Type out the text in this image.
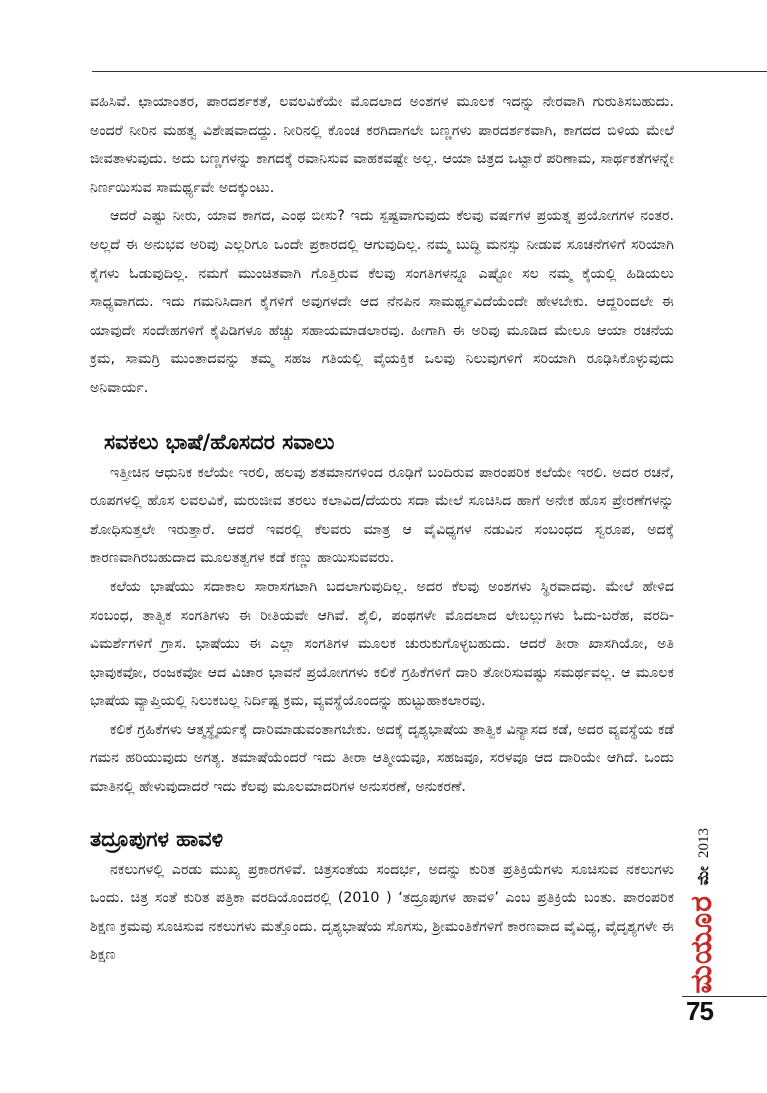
ವಹಿಸಿವೆ. ಛಾಯಾಂತರ, ಪಾರದರ್ಶಕತೆ, ಲವಲವಿಕೆಯೇ ಮೊದಲಾದ ಅಂಶಗಳ ಮೂಲಕ ಇದನ್ನು ನೇರವಾಗಿ ಗುರುತಿಸಬಹುದು. ಅಂದರೆ ನೀರಿನ ಮಹತ್ವ ವಿಶೇಷವಾದದ್ದು. ನೀರಿನಲ್ಲಿ ಕೊಂಚ ಕರಗಿದಾಗಲೇ ಬಣ್ಣಗಳು ಪಾರದರ್ಶಕವಾಗಿ, ಕಾಗದದ ಬಿಳಿಯ ಮೇಲೆ ಜೀವತಾಳುವುದು. ಅದು ಬಣ್ಣಗಳನ್ನು ಕಾಗದಕ್ಕೆ ರವಾನಿಸುವ ವಾಹಕವಷ್ಟೇ ಅಲ್ಲ. ಆಯಾ ಚಿತ್ರದ ಒಟ್ಟಾರೆ ಪರಿಣಾಮ, ಸಾರ್ಥಕತೆಗಳನ್ನೇ ನಿರ್ಣಯಿಸುವ ಸಾಮರ್ಥ್ಯವೇ ಅದಕ್ಕುಂಟು.

ಆದರೆ ಎಷ್ಟು ನೀರು, ಯಾವ ಕಾಗದ, ಎಂಥ ಬೀಸು? ಇದು ಸ್ಪಷ್ಟವಾಗುವುದು ಕೆಲವು ವರ್ಷಗಳ ಪ್ರಯತ್ನ ಪ್ರಯೋಗಗಳ ನಂತರ. ಅಲ್ಲದೆ ಈ ಅನುಭವ ಅರಿವು ಎಲ್ಲರಿಗೂ ಒಂದೇ ಪ್ರಕಾರದಲ್ಲಿ ಆಗುವುದಿಲ್ಲ. ನಮ್ಮ ಬುದ್ಧಿ ಮನಸ್ಸು ನೀಡುವ ಸೂಚನೆಗಳಿಗೆ ಸರಿಯಾಗಿ ಕೈಗಳು ಓಡುವುದಿಲ್ಲ. ನಮಗೆ ಮುಂಚಿತವಾಗಿ ಗೊತ್ತಿರುವ ಕೆಲವು ಸಂಗತಿಗಳನ್ನೂ ಎಷ್ಟೋ ಸಲ ನಮ್ಮ ಕೈಯಲ್ಲಿ ಹಿಡಿಯಲು ಸಾಧ್ಯವಾಗದು. ಇದು ಗಮನಿಸಿದಾಗ ಕೈಗಳಿಗೆ ಅವುಗಳದೇ ಆದ ನೆನಪಿನ ಸಾಮರ್ಥ್ಯವಿದೆಯೆಂದೇ ಹೇಳಬೇಕು. ಆದ್ದರಿಂದಲೇ ಈ ಯಾವುದೇ ಸಂದೇಹಗಳಿಗೆ ಕೈಪಿಡಿಗಳೂ ಹೆಚ್ಚು ಸಹಾಯಮಾಡಲಾರವು. ಹೀಗಾಗಿ ಈ ಅರಿವು ಮೂಡಿದ ಮೇಲೂ ಆಯಾ ರಚನೆಯ ಕ್ರಮ, ಸಾಮಗ್ರಿ ಮುಂತಾದವನ್ನು ತಮ್ಮ ಸಹಜ ಗತಿಯಲ್ಲಿ ವೈಯಕ್ತಿಕ ಒಲವು ನಿಲುವುಗಳಿಗೆ ಸರಿಯಾಗಿ ರೂಢಿಸಿಕೊಳ್ಳುವುದು ಅನಿವಾರ್ಯ.

ಸವಕಲು ಭಾಷೆ/ಹೊಸದರ ಸವಾಲು

ಇತ್ತೀಚಿನ ಆಧುನಿಕ ಕಲೆಯೇ ಇರಲಿ, ಹಲವು ಶತಮಾನಗಳಿಂದ ರೂಢಿಗೆ ಬಂದಿರುವ ಪಾರಂಪರಿಕ ಕಲೆಯೇ ಇರಲಿ. ಅದರ ರಚನೆ, ರೂಪಗಳಲ್ಲಿ ಹೊಸ ಲವಲವಿಕೆ, ಮರುಜೀವ ತರಲು ಕಲಾವಿದ/ದೆಯರು ಸದಾ ಮೇಲೆ ಸೂಚಿಸಿದ ಹಾಗೆ ಅನೇಕ ಹೊಸ ಪ್ರೇರಣೆಗಳನ್ನು ಶೋಧಿಸುತ್ತಲೇ ಇರುತ್ತಾರೆ. ಆದರೆ ಇವರಲ್ಲಿ ಕೆಲವರು ಮಾತ್ರ ಆ ವೈವಿಧ್ಯಗಳ ನಡುವಿನ ಸಂಬಂಧದ ಸ್ವರೂಪ, ಅದಕ್ಕೆ ಕಾರಣವಾಗಿರಬಹುದಾದ ಮೂಲತತ್ವಗಳ ಕಡೆ ಕಣ್ಣು ಹಾಯಿಸುವವರು.

ಕಲೆಯ ಭಾಷೆಯು ಸದಾಕಾಲ ಸಾರಾಸಗಟಾಗಿ ಬದಲಾಗುವುದಿಲ್ಲ. ಅದರ ಕೆಲವು ಅಂಶಗಳು ಸ್ಥಿರವಾದವು. ಮೇಲೆ ಹೇಳಿದ ಸಂಬಂಧ, ತಾತ್ವಿಕ ಸಂಗತಿಗಳು ಈ ರೀತಿಯವೇ ಆಗಿವೆ. ಶೈಲಿ, ಪಂಥಗಳೇ ಮೊದಲಾದ ಲೇಬಲ್ಲುಗಳು ಓದು-ಬರೆಹ, ವರದಿ-ವಿಮರ್ಶೆಗಳಿಗೆ ಗ್ರಾಸ. ಭಾಷೆಯು ಈ ಎಲ್ಲಾ ಸಂಗತಿಗಳ ಮೂಲಕ ಚುರುಕುಗೊಳ್ಳಬಹುದು. ಆದರೆ ತೀರಾ ಖಾಸಗಿಯೋ, ಅತಿ ಭಾವುಕವೋ, ರಂಜಕವೋ ಆದ ವಿಚಾರ ಭಾವನೆ ಪ್ರಯೋಗಗಳು ಕಲಿಕೆ ಗ್ರಹಿಕೆಗಳಿಗೆ ದಾರಿ ತೋರಿಸುವಷ್ಟು ಸಮರ್ಥವಲ್ಲ. ಆ ಮೂಲಕ ಭಾಷೆಯ ವ್ಯಾಪ್ತಿಯಲ್ಲಿ ನಿಲುಕಬಲ್ಲ ನಿರ್ದಿಷ್ಟ ಕ್ರಮ, ವ್ಯವಸ್ಥೆಯೊಂದನ್ನು ಹುಟ್ಟುಹಾಕಲಾರವು.

ಕಲಿಕೆ ಗ್ರಹಿಕೆಗಳು ಆತ್ಮಸ್ಥೈರ್ಯಕ್ಕೆ ದಾರಿಮಾಡುವಂತಾಗಬೇಕು. ಅದಕ್ಕೆ ದೃಶ್ಯಭಾಷೆಯ ತಾತ್ವಿಕ ವಿನ್ಯಾಸದ ಕಡೆ, ಅದರ ವ್ಯವಸ್ಥೆಯ ಕಡೆ ಗಮನ ಹರಿಯುವುದು ಅಗತ್ಯ. ತಮಾಷೆಯೆಂದರೆ ಇದು ತೀರಾ ಆತ್ಮೀಯವೂ, ಸಹಜವೂ, ಸರಳವೂ ಆದ ದಾರಿಯೇ ಆಗಿದೆ. ಒಂದು ಮಾತಿನಲ್ಲಿ ಹೇಳುವುದಾದರೆ ಇದು ಕೆಲವು ಮೂಲಮಾದರಿಗಳ ಅನುಸರಣೆ, ಅನುಕರಣೆ.

ತದ್ರೂಪುಗಳ ಹಾವಳಿ

ನಕಲುಗಳಲ್ಲಿ ಎರಡು ಮುಖ್ಯ ಪ್ರಕಾರಗಳಿವೆ. ಚಿತ್ರಸಂತೆಯ ಸಂದರ್ಭ, ಅದನ್ನು ಕುರಿತ ಪ್ರತಿಕ್ರಿಯೆಗಳು ಸೂಚಿಸುವ ನಕಲುಗಳು ಒಂದು. ಚಿತ್ರ ಸಂತೆ ಕುರಿತ ಪತ್ರಿಕಾ ವರದಿಯೊಂದರಲ್ಲಿ (2010 ) ‘ತದ್ರೂಪುಗಳ ಹಾವಳಿ’ ಎಂಬ ಪ್ರತಿಕ್ರಿಯೆ ಬಂತು. ಪಾರಂಪರಿಕ ಶಿಕ್ಷಣ ಕ್ರಮವು ಸೂಚಿಸುವ ನಕಲುಗಳು ಮತ್ತೊಂದು. ದೃಶ್ಯಭಾಷೆಯ ಸೊಗಸು, ಶ್ರೀಮಂತಿಕೆಗಳಿಗೆ ಕಾರಣವಾದ ವೈವಿಧ್ಯ, ವೈದೃಶ್ಯಗಳೇ ಈ ಶಿಕ್ಷಣ

2013
ಮೇ
ಮಯೂರ
75
